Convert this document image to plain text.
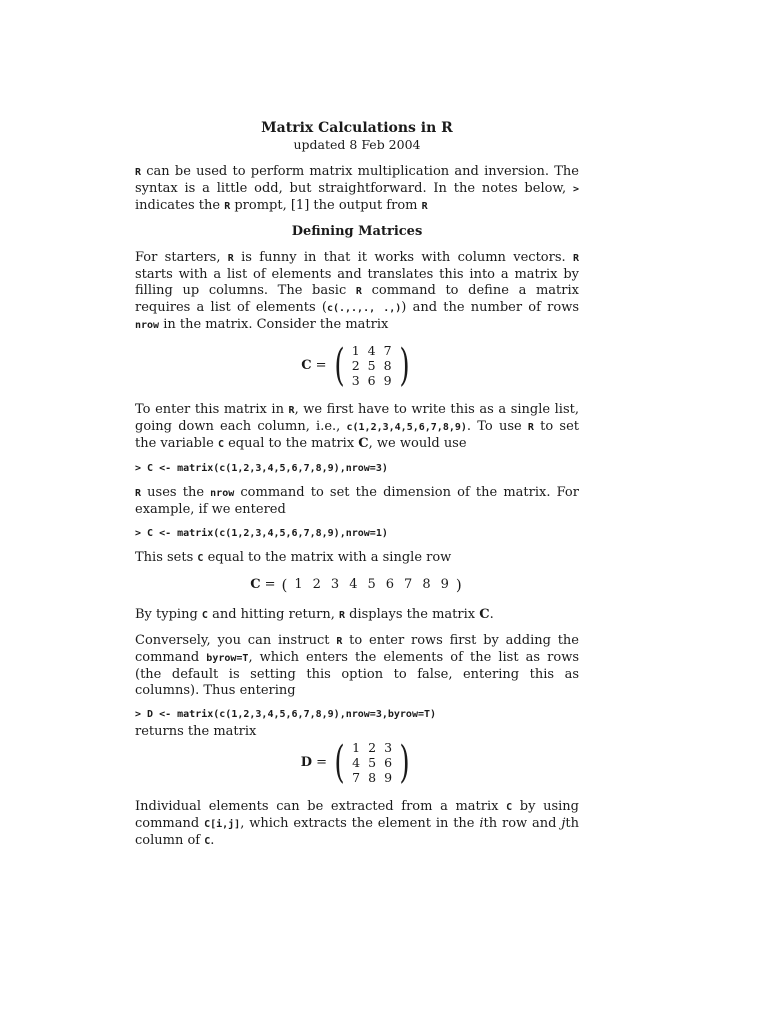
Matrix Calculations in R
updated 8 Feb 2004

R can be used to perform matrix multiplication and inversion. The syntax is a little odd, but straightforward. In the notes below, > indicates the R prompt, [1] the output from R

Defining Matrices

For starters, R is funny in that it works with column vectors. R starts with a list of elements and translates this into a matrix by filling up columns. The basic R command to define a matrix requires a list of elements (c(.,.,., .,)) and the number of rows nrow in the matrix. Consider the matrix

C = ( 1	4	7
2	5	8
3	6	9 )

To enter this matrix in R, we first have to write this as a single list, going down each column, i.e., c(1,2,3,4,5,6,7,8,9). To use R to set the variable C equal to the matrix C, we would use

> C <- matrix(c(1,2,3,4,5,6,7,8,9),nrow=3)

R uses the nrow command to set the dimension of the matrix. For example, if we entered

> C <- matrix(c(1,2,3,4,5,6,7,8,9),nrow=1)

This sets C equal to the matrix with a single row

C = ( 1 2 3 4 5 6 7 8 9 )

By typing C and hitting return, R displays the matrix C.

Conversely, you can instruct R to enter rows first by adding the command byrow=T, which enters the elements of the list as rows (the default is setting this option to false, entering this as columns). Thus entering

> D <- matrix(c(1,2,3,4,5,6,7,8,9),nrow=3,byrow=T)

returns the matrix

D = ( 1	2	3
4	5	6
7	8	9 )

Individual elements can be extracted from a matrix C by using command C[i,j], which extracts the element in the ith row and jth column of C.
